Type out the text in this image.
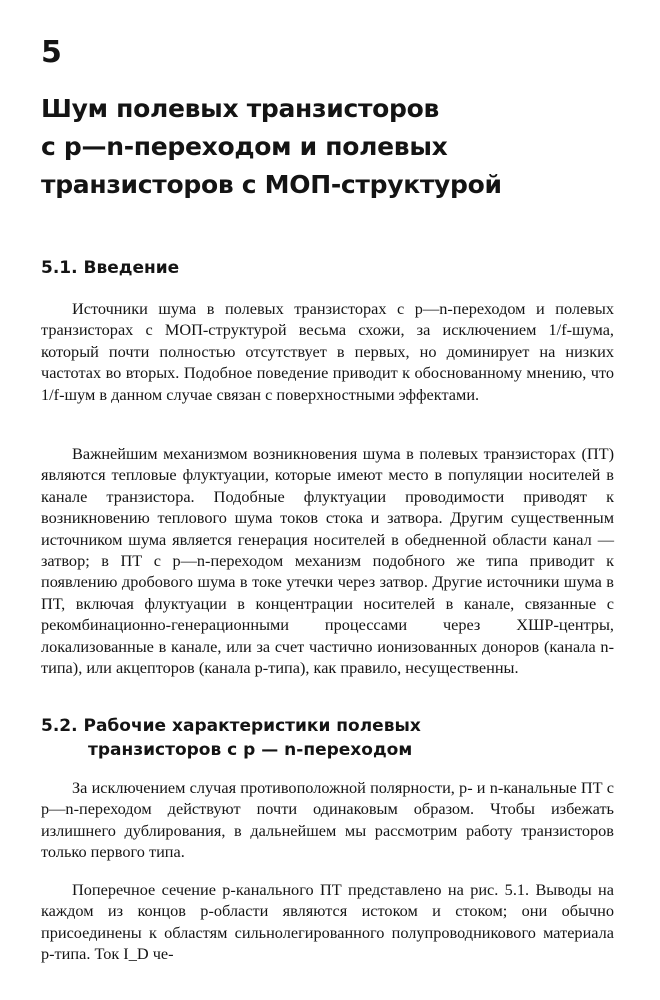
5
Шум полевых транзисторов
с p—n-переходом и полевых
транзисторов с МОП-структурой
5.1. Введение

Источники шума в полевых транзисторах с p—n-переходом и полевых транзисторах с МОП-структурой весьма схожи, за исключением 1/f-шума, который почти полностью отсутствует в первых, но доминирует на низких частотах во вторых. Подобное поведение приводит к обоснованному мнению, что 1/f-шум в данном случае связан с поверхностными эффектами.

Важнейшим механизмом возникновения шума в полевых транзисторах (ПТ) являются тепловые флуктуации, которые имеют место в популяции носителей в канале транзистора. Подобные флуктуации проводимости приводят к возникновению теплового шума токов стока и затвора. Другим существенным источником шума является генерация носителей в обедненной области канал — затвор; в ПТ с p—n-переходом механизм подобного же типа приводит к появлению дробового шума в токе утечки через затвор. Другие источники шума в ПТ, включая флуктуации в концентрации носителей в канале, связанные с рекомбинационно-генерационными процессами через ХШР-центры, локализованные в канале, или за счет частично ионизованных доноров (канала n-типа), или акцепторов (канала p-типа), как правило, несущественны.

5.2. Рабочие характеристики полевых
транзисторов с p — n-переходом

За исключением случая противоположной полярности, p- и n-канальные ПТ с p—n-переходом действуют почти одинаковым образом. Чтобы избежать излишнего дублирования, в дальнейшем мы рассмотрим работу транзисторов только первого типа.

Поперечное сечение p-канального ПТ представлено на рис. 5.1. Выводы на каждом из концов p-области являются истоком и стоком; они обычно присоединены к областям сильнолегированного полупроводникового материала p-типа. Ток I_D че-
